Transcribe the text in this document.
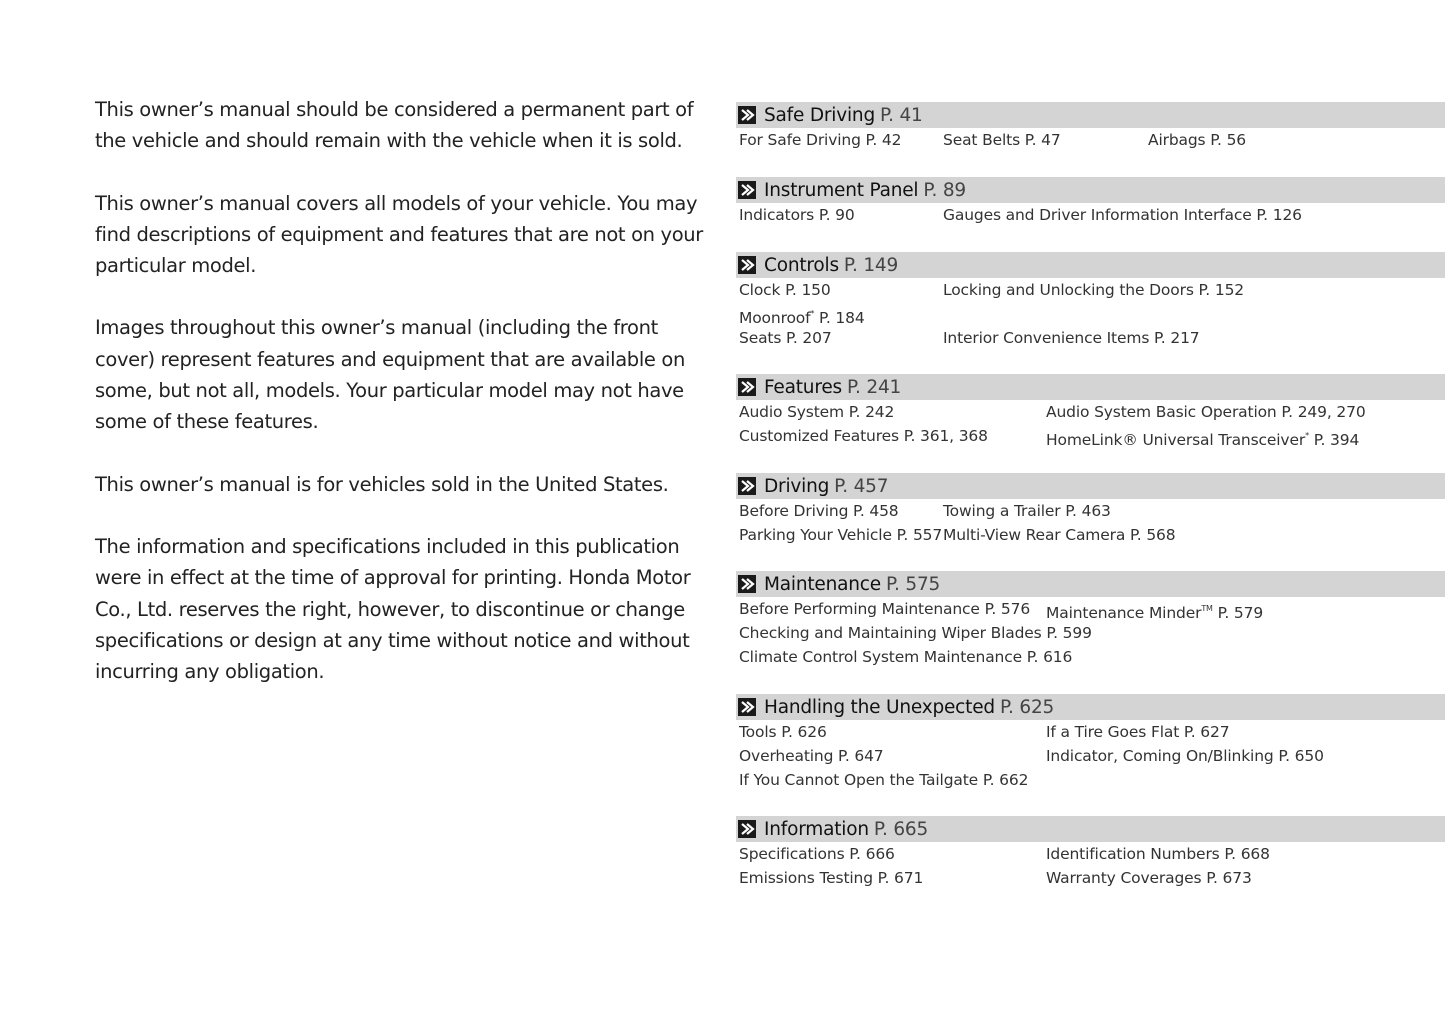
This owner’s manual should be considered a permanent part of the vehicle and should remain with the vehicle when it is sold.

This owner’s manual covers all models of your vehicle. You may find descriptions of equipment and features that are not on your particular model.

Images throughout this owner’s manual (including the front cover) represent features and equipment that are available on some, but not all, models. Your particular model may not have some of these features.

This owner’s manual is for vehicles sold in the United States.

The information and specifications included in this publication were in effect at the time of approval for printing. Honda Motor Co., Ltd. reserves the right, however, to discontinue or change specifications or design at any time without notice and without incurring any obligation.

Safe Driving P. 41
For Safe Driving P. 42	Seat Belts P. 47	Airbags P. 56
Instrument Panel P. 89
Indicators P. 90	Gauges and Driver Information Interface P. 126
Controls P. 149
Clock P. 150	Locking and Unlocking the Doors P. 152
Moonroof* P. 184
Seats P. 207	Interior Convenience Items P. 217
Features P. 241
Audio System P. 242	Audio System Basic Operation P. 249, 270
Customized Features P. 361, 368	HomeLink® Universal Transceiver* P. 394
Driving P. 457
Before Driving P. 458	Towing a Trailer P. 463
Parking Your Vehicle P. 557 Multi-View Rear Camera P. 568
Maintenance P. 575
Before Performing Maintenance P. 576 Maintenance Minder™ P. 579
Checking and Maintaining Wiper Blades P. 599
Climate Control System Maintenance P. 616
Handling the Unexpected P. 625
Tools P. 626	If a Tire Goes Flat P. 627
Overheating P. 647	Indicator, Coming On/Blinking P. 650
If You Cannot Open the Tailgate P. 662
Information P. 665
Specifications P. 666	Identification Numbers P. 668
Emissions Testing P. 671	Warranty Coverages P. 673
